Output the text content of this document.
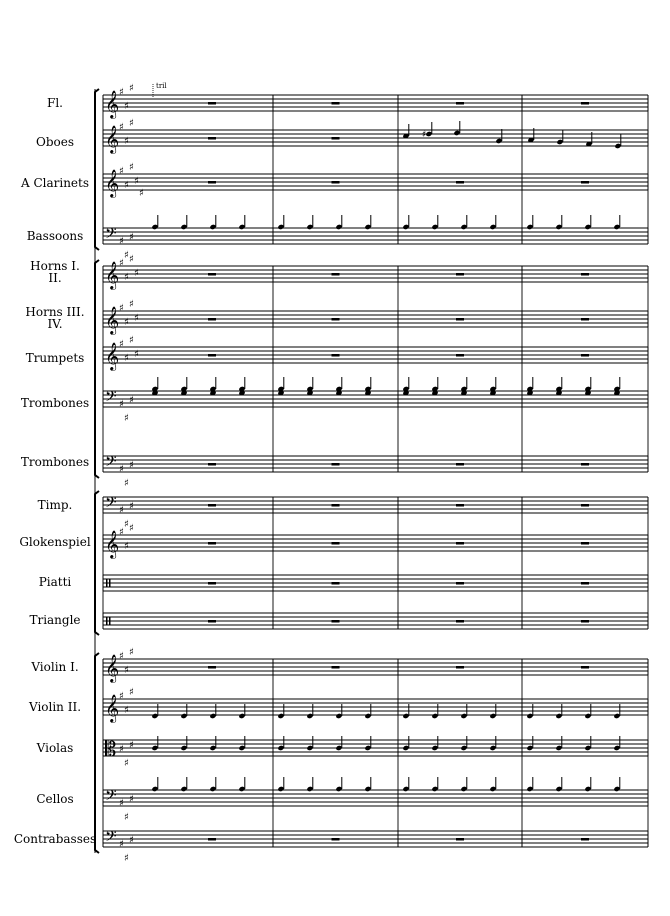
Fl.
Oboes
A Clarinets
Bassoons
Horns I. II.
Horns III. IV.
Trumpets
Trombones
Trombones
Timp.
Glokenspiel
Piatti
Triangle
Violin I.
Violin II.
Violas
Cellos
Contrabasses
𝄞 ♯
♯
♯
𝄞 ♯
♯
♯
♯
𝄞 ♯
♯
♯
♯
♯
𝄢 ♯
♯
♯
𝄞 ♯
♯
♯
♯
𝄞 ♯
♯
♯
♯
𝄞 ♯
♯
♯
♯
𝄢 ♯
♯
♯
𝄢 ♯
♯
♯
𝄢 ♯
♯
♯
𝄞 ♯
♯
♯
𝄞 ♯
♯
♯
𝄞 ♯
♯
♯
𝄡 ♯
♯
♯
𝄢 ♯
♯
♯
𝄢 ♯
♯
♯
tril
